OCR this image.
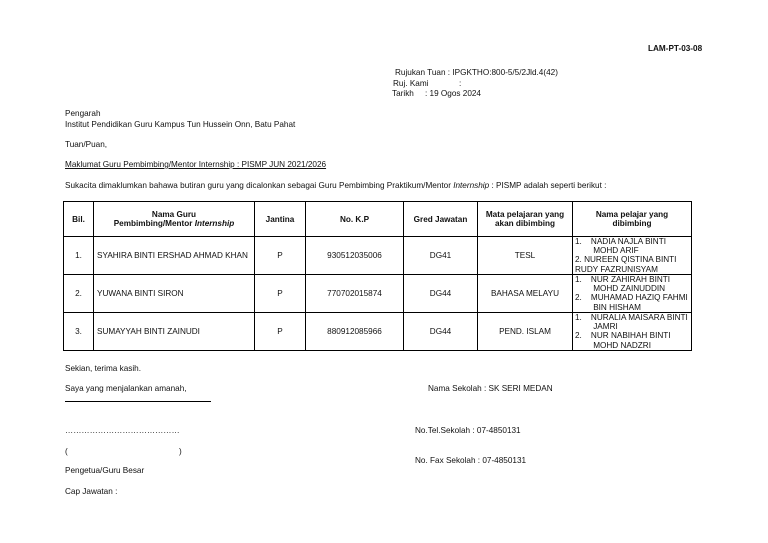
LAM-PT-03-08
Rujukan Tuan : IPGKTHO:800-5/5/2Jld.4(42)
Ruj. Kami	:
Tarikh : 19 Ogos 2024
Pengarah
Institut Pendidikan Guru Kampus Tun Hussein Onn, Batu Pahat
Tuan/Puan,
Maklumat Guru Pembimbing/Mentor Internship : PISMP JUN 2021/2026
Sukacita dimaklumkan bahawa butiran guru yang dicalonkan sebagai Guru Pembimbing Praktikum/Mentor Internship : PISMP adalah seperti berikut :
Bil.	Nama Guru
Pembimbing/Mentor Internship	Jantina	No. K.P	Gred Jawatan	Mata pelajaran yang akan dibimbing	Nama pelajar yang dibimbing
1.	SYAHIRA BINTI ERSHAD AHMAD KHAN	P	930512035006	DG41	TESL	1.    NADIA NAJLA BINTI
MOHD ARIF
2. NUREEN QISTINA BINTI
RUDY FAZRUNISYAM

2.	YUWANA BINTI SIRON	P	770702015874	DG44	BAHASA MELAYU	1.    NUR ZAHIRAH BINTI
MOHD ZAINUDDIN
2.    MUHAMAD HAZIQ FAHMI
BIN HISHAM

3.	SUMAYYAH BINTI ZAINUDI	P	880912085966	DG44	PEND. ISLAM	1.    NURALIA MAISARA BINTI
JAMRI
2.    NUR NABIHAH BINTI
MOHD NADZRI
Sekian, terima kasih.
Saya yang menjalankan amanah,
……………………………………
(	)
Pengetua/Guru Besar
Cap Jawatan :
Nama Sekolah : SK SERI MEDAN
No.Tel.Sekolah : 07-4850131
No. Fax Sekolah : 07-4850131
